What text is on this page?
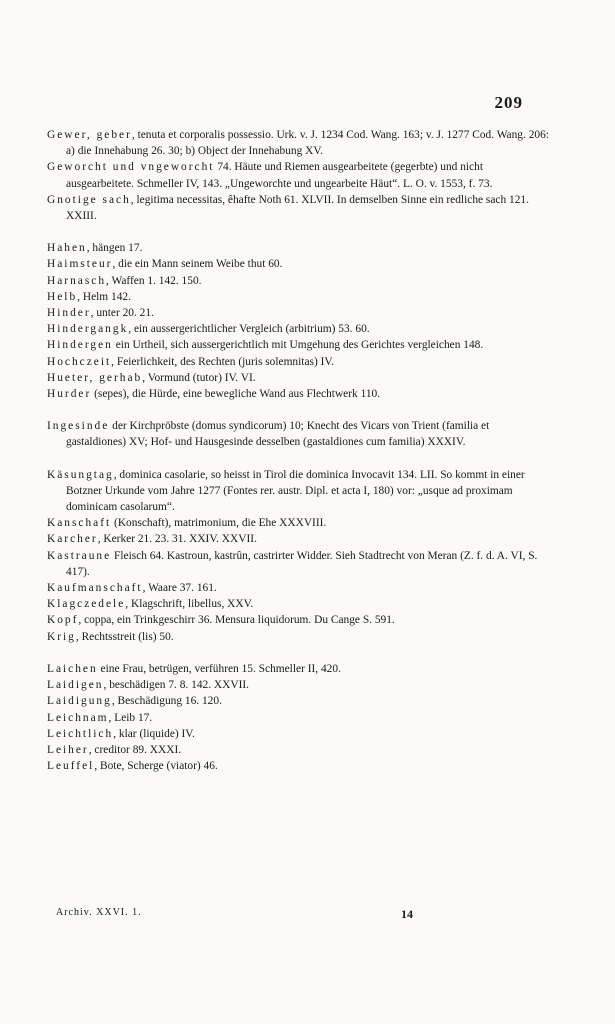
209

Gewer, geber, tenuta et corporalis possessio. Urk. v. J. 1234 Cod. Wang. 163; v. J. 1277 Cod. Wang. 206: a) die Innehabung 26. 30; b) Object der Innehabung XV.

Geworcht und vngeworcht 74. Häute und Riemen ausgearbeitete (gegerbte) und nicht ausgearbeitete. Schmeller IV, 143. „Ungeworchte und ungearbeite Häut“. L. O. v. 1553, f. 73.

Gnotige sach, legitima necessitas, êhafte Noth 61. XLVII. In demselben Sinne ein redliche sach 121. XXIII.

Hahen, hängen 17.

Haimsteur, die ein Mann seinem Weibe thut 60.

Harnasch, Waffen 1. 142. 150.

Helb, Helm 142.

Hinder, unter 20. 21.

Hindergangk, ein aussergerichtlicher Vergleich (arbitrium) 53. 60.

Hindergen ein Urtheil, sich aussergerichtlich mit Umgehung des Gerichtes vergleichen 148.

Hochczeit, Feierlichkeit, des Rechten (juris solemnitas) IV.

Hueter, gerhab, Vormund (tutor) IV. VI.

Hurder (sepes), die Hürde, eine bewegliche Wand aus Flechtwerk 110.

Ingesinde der Kirchpröbste (domus syndicorum) 10; Knecht des Vicars von Trient (familia et gastaldiones) XV; Hof- und Hausgesinde desselben (gastaldiones cum familia) XXXIV.

Käsungtag, dominica casolarie, so heisst in Tirol die dominica Invocavit 134. LII. So kommt in einer Botzner Urkunde vom Jahre 1277 (Fontes rer. austr. Dipl. et acta I, 180) vor: „usque ad proximam dominicam casolarum“.

Kanschaft (Konschaft), matrimonium, die Ehe XXXVIII.

Karcher, Kerker 21. 23. 31. XXIV. XXVII.

Kastraune Fleisch 64. Kastroun, kastrûn, castrirter Widder. Sieh Stadtrecht von Meran (Z. f. d. A. VI, S. 417).

Kaufmanschaft, Waare 37. 161.

Klagczedele, Klagschrift, libellus, XXV.

Kopf, coppa, ein Trinkgeschirr 36. Mensura liquidorum. Du Cange S. 591.

Krig, Rechtsstreit (lis) 50.

Laichen eine Frau, betrügen, verführen 15. Schmeller II, 420.

Laidigen, beschädigen 7. 8. 142. XXVII.

Laidigung, Beschädigung 16. 120.

Leichnam, Leib 17.

Leichtlich, klar (liquide) IV.

Leiher, creditor 89. XXXI.

Leuffel, Bote, Scherge (viator) 46.

Archiv. XXVI. 1.	14
